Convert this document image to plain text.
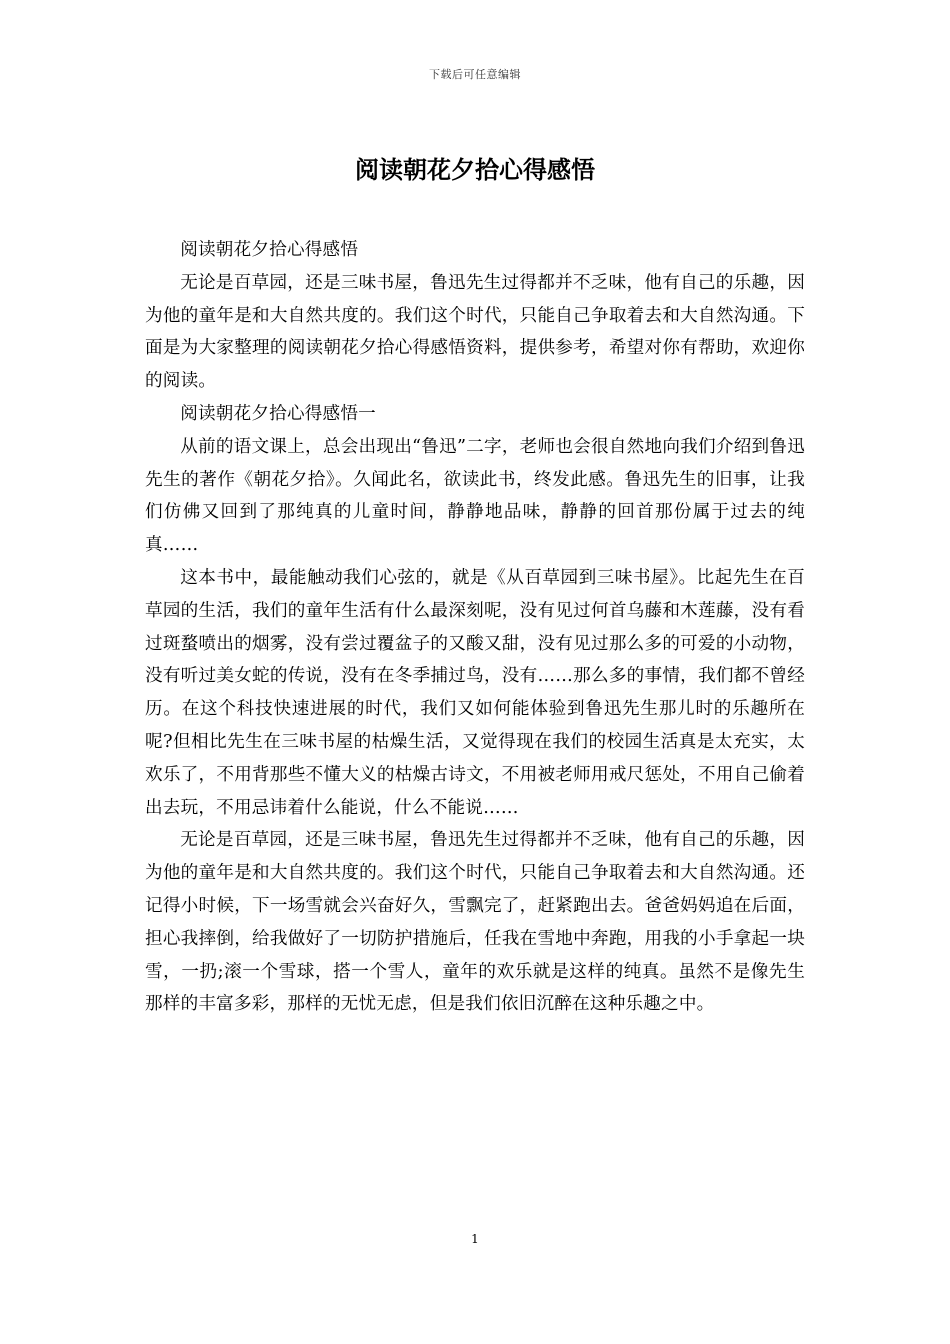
下载后可任意编辑
阅读朝花夕拾心得感悟

阅读朝花夕拾心得感悟

无论是百草园，还是三味书屋，鲁迅先生过得都并不乏味，他有自己的乐趣，因为他的童年是和大自然共度的。我们这个时代，只能自己争取着去和大自然沟通。下面是为大家整理的阅读朝花夕拾心得感悟资料，提供参考，希望对你有帮助，欢迎你的阅读。

阅读朝花夕拾心得感悟一

从前的语文课上，总会出现出“鲁迅”二字，老师也会很自然地向我们介绍到鲁迅先生的著作《朝花夕拾》。久闻此名，欲读此书，终发此感。鲁迅先生的旧事，让我们仿佛又回到了那纯真的儿童时间，静静地品味，静静的回首那份属于过去的纯真……

这本书中，最能触动我们心弦的，就是《从百草园到三味书屋》。比起先生在百草园的生活，我们的童年生活有什么最深刻呢，没有见过何首乌藤和木莲藤，没有看过斑蝥喷出的烟雾，没有尝过覆盆子的又酸又甜，没有见过那么多的可爱的小动物，没有听过美女蛇的传说，没有在冬季捕过鸟，没有……那么多的事情，我们都不曾经历。在这个科技快速进展的时代，我们又如何能体验到鲁迅先生那儿时的乐趣所在呢?但相比先生在三味书屋的枯燥生活，又觉得现在我们的校园生活真是太充实，太欢乐了，不用背那些不懂大义的枯燥古诗文，不用被老师用戒尺惩处，不用自己偷着出去玩，不用忌讳着什么能说，什么不能说……

无论是百草园，还是三味书屋，鲁迅先生过得都并不乏味，他有自己的乐趣，因为他的童年是和大自然共度的。我们这个时代，只能自己争取着去和大自然沟通。还记得小时候，下一场雪就会兴奋好久，雪飘完了，赶紧跑出去。爸爸妈妈追在后面，担心我摔倒，给我做好了一切防护措施后，任我在雪地中奔跑，用我的小手拿起一块雪，一扔;滚一个雪球，搭一个雪人，童年的欢乐就是这样的纯真。虽然不是像先生那样的丰富多彩，那样的无忧无虑，但是我们依旧沉醉在这种乐趣之中。

1
